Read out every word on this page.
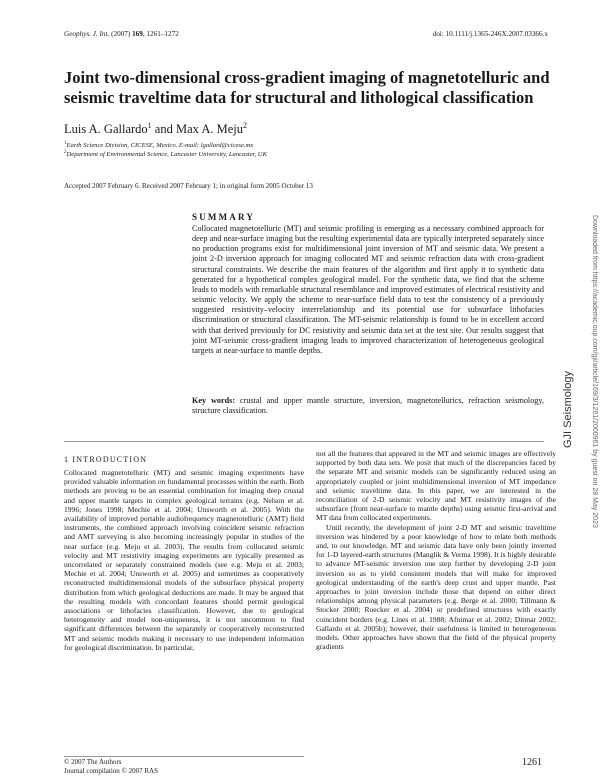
Geophys. J. Int. (2007) 169, 1261–1272	doi: 10.1111/j.1365-246X.2007.03366.x
Joint two-dimensional cross-gradient imaging of magnetotelluric and seismic traveltime data for structural and lithological classification
Luis A. Gallardo$^1$ and Max A. Meju$^2$
$^1$Earth Science Division, CICESE, Mexico. E-mail: lgallard@cicese.mx
$^2$Department of Environmental Science, Lancaster University, Lancaster, UK
Accepted 2007 February 6. Received 2007 February 1; in original form 2005 October 13
SUMMARY
Collocated magnetotelluric (MT) and seismic profiling is emerging as a necessary combined approach for deep and near-surface imaging but the resulting experimental data are typically interpreted separately since no production programs exist for multidimensional joint inversion of MT and seismic data. We present a joint 2-D inversion approach for imaging collocated MT and seismic refraction data with cross-gradient structural constraints. We describe the main features of the algorithm and first apply it to synthetic data generated for a hypothetical complex geological model. For the synthetic data, we find that the scheme leads to models with remarkable structural resemblance and improved estimates of electrical resistivity and seismic velocity. We apply the scheme to near-surface field data to test the consistency of a previously suggested resistivity–velocity interrelationship and its potential use for subsurface lithofacies discrimination or structural classification. The MT-seismic relationship is found to be in excellent accord with that derived previously for DC resistivity and seismic data set at the test site. Our results suggest that joint MT-seismic cross-gradient imaging leads to improved characterization of heterogeneous geological targets at near-surface to mantle depths.
Key words: crustal and upper mantle structure, inversion, magnetotellurics, refraction seismology, structure classification.
1 INTRODUCTION

Collocated magnetotelluric (MT) and seismic imaging experiments have provided valuable information on fundamental processes within the earth. Both methods are proving to be an essential combination for imaging deep crustal and upper mantle targets in complex geological terrains (e.g. Nelson et al. 1996; Jones 1998; Mechie et al. 2004; Unsworth et al. 2005). With the availability of improved portable audiofrequency magnetotelluric (AMT) field instruments, the combined approach involving coincident seismic refraction and AMT surveying is also becoming increasingly popular in studies of the near surface (e.g. Meju et al. 2003). The results from collocated seismic velocity and MT resistivity imaging experiments are typically presented as uncorrelated or separately constrained models (see e.g. Meju et al. 2003; Mechie et al. 2004; Unsworth et al. 2005) and sometimes as cooperatively reconstructed multidimensional models of the subsurface physical property distribution from which geological deductions are made. It may be argued that the resulting models with concordant features should permit geological associations or lithofacies classification. However, due to geological heterogeneity and model non-uniqueness, it is not uncommon to find significant differences between the separately or cooperatively reconstructed MT and seismic models making it necessary to use independent information for geological discrimination. In particular,

not all the features that appeared in the MT and seismic images are effectively supported by both data sets. We posit that much of the discrepancies faced by the separate MT and seismic models can be significantly reduced using an appropriately coupled or joint multidimensional inversion of MT impedance and seismic traveltime data. In this paper, we are interested in the reconciliation of 2-D seismic velocity and MT resistivity images of the subsurface (from near-surface to mantle depths) using seismic first-arrival and MT data from collocated experiments.

Until recently, the development of joint 2-D MT and seismic traveltime inversion was hindered by a poor knowledge of how to relate both methods and, to our knowledge, MT and seismic data have only been jointly inverted for 1-D layered-earth structures (Manglik & Verma 1998). It is highly desirable to advance MT-seismic inversion one step further by developing 2-D joint inversion so as to yield consistent models that will make for improved geological understanding of the earth's deep crust and upper mantle. Past approaches to joint inversion include those that depend on either direct relationships among physical parameters (e.g. Berge et al. 2000; Tillmann & Stocker 2000; Roecker et al. 2004) or predefined structures with exactly coincident borders (e.g. Lines et al. 1988; Afnimar et al. 2002; Ditmar 2002; Gallardo et al. 2005b); however, their usefulness is limited in heterogeneous models. Other approaches have shown that the field of the physical property gradients

© 2007 The Authors
Journal compilation © 2007 RAS
1261
GJI Seismology Downloaded from https://academic.oup.com/gji/article/169/3/1261/2000961 by guest on 28 May 2023
